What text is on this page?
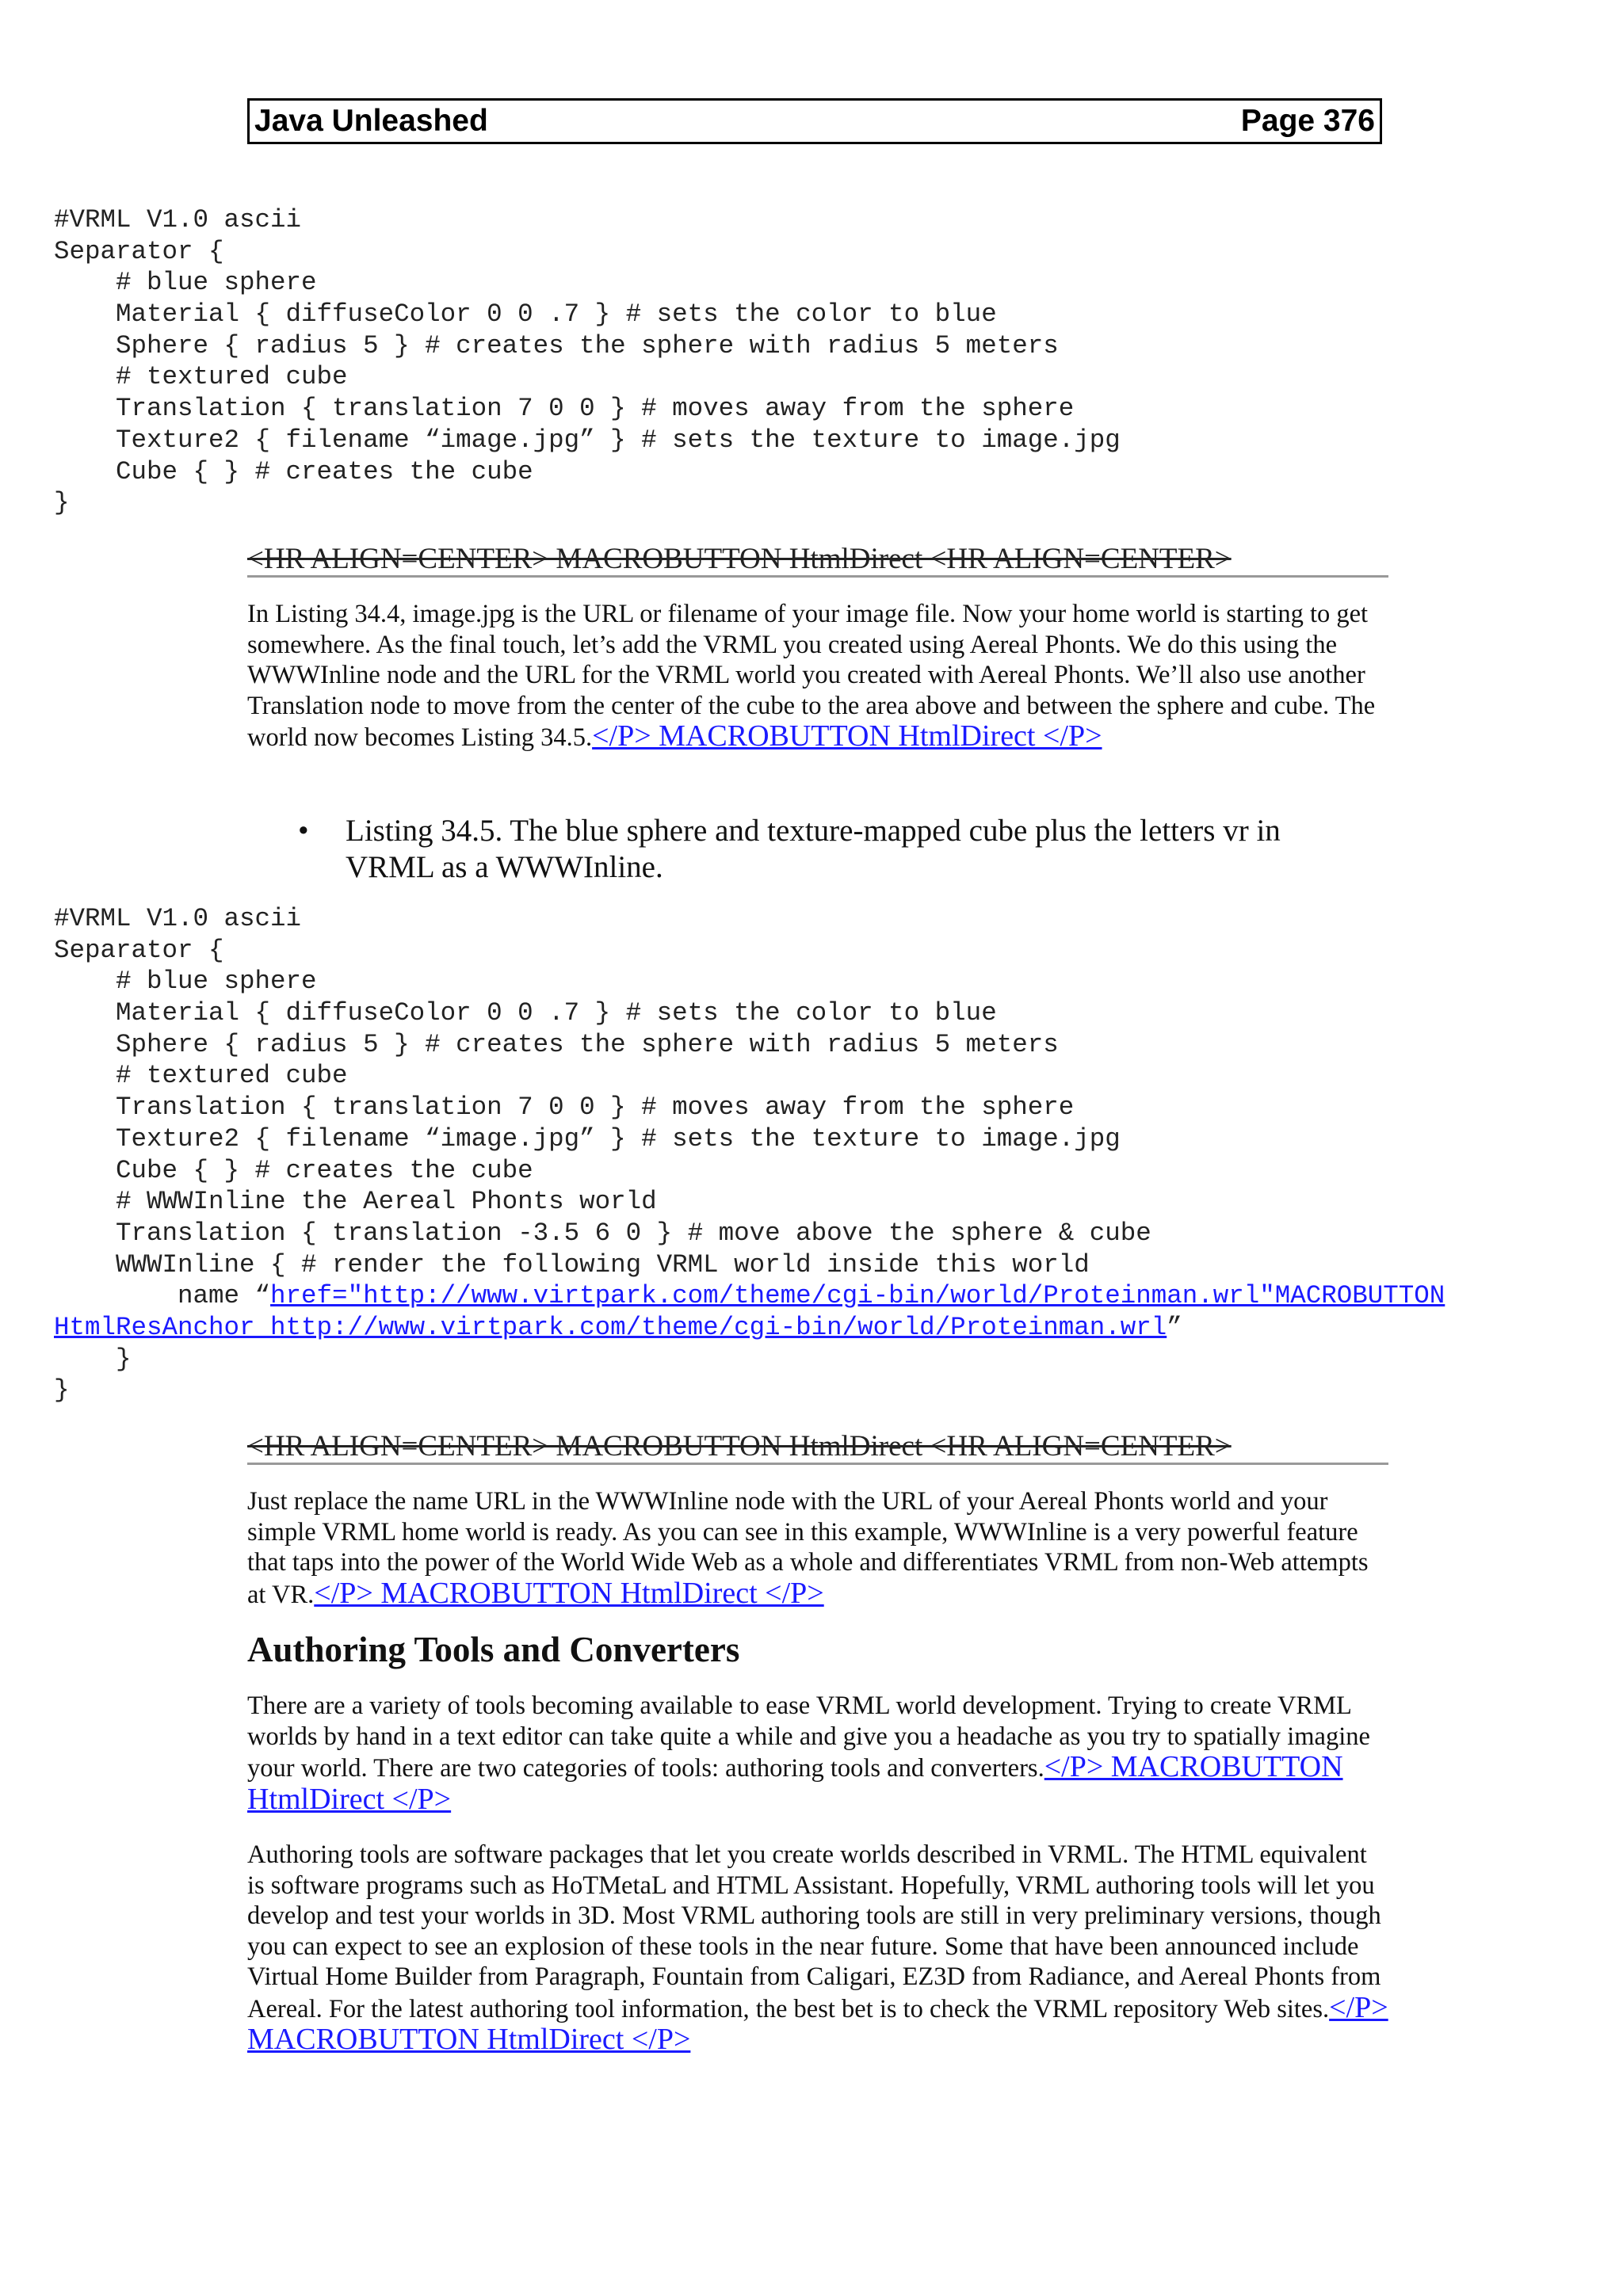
Java Unleashed	Page 376
#VRML V1.0 ascii
Separator {
# blue sphere
Material { diffuseColor 0 0 .7 } # sets the color to blue
Sphere { radius 5 } # creates the sphere with radius 5 meters
# textured cube
Translation { translation 7 0 0 } # moves away from the sphere
Texture2 { filename “image.jpg” } # sets the texture to image.jpg
Cube { } # creates the cube
}
<HR ALIGN=CENTER> MACROBUTTON HtmlDirect <HR ALIGN=CENTER>

In Listing 34.4, image.jpg is the URL or filename of your image file. Now your home world is starting to get somewhere. As the final touch, let’s add the VRML you created using Aereal Phonts. We do this using the WWWInline node and the URL for the VRML world you created with Aereal Phonts. We’ll also use another Translation node to move from the center of the cube to the area above and between the sphere and cube. The world now becomes Listing 34.5.</P> MACROBUTTON HtmlDirect </P>

•	Listing 34.5. The blue sphere and texture-mapped cube plus the letters vr in VRML as a WWWInline.
#VRML V1.0 ascii
Separator {
# blue sphere
Material { diffuseColor 0 0 .7 } # sets the color to blue
Sphere { radius 5 } # creates the sphere with radius 5 meters
# textured cube
Translation { translation 7 0 0 } # moves away from the sphere
Texture2 { filename “image.jpg” } # sets the texture to image.jpg
Cube { } # creates the cube
# WWWInline the Aereal Phonts world
Translation { translation -3.5 6 0 } # move above the sphere & cube
WWWInline { # render the following VRML world inside this world
name “href="http://www.virtpark.com/theme/cgi-bin/world/Proteinman.wrl"MACROBUTTON
HtmlResAnchor http://www.virtpark.com/theme/cgi-bin/world/Proteinman.wrl”
}
}
<HR ALIGN=CENTER> MACROBUTTON HtmlDirect <HR ALIGN=CENTER>

Just replace the name URL in the WWWInline node with the URL of your Aereal Phonts world and your simple VRML home world is ready. As you can see in this example, WWWInline is a very powerful feature that taps into the power of the World Wide Web as a whole and differentiates VRML from non-Web attempts at VR.</P> MACROBUTTON HtmlDirect </P>

Authoring Tools and Converters

There are a variety of tools becoming available to ease VRML world development. Trying to create VRML worlds by hand in a text editor can take quite a while and give you a headache as you try to spatially imagine your world. There are two categories of tools: authoring tools and converters.</P> MACROBUTTON HtmlDirect </P>

Authoring tools are software packages that let you create worlds described in VRML. The HTML equivalent is software programs such as HoTMetaL and HTML Assistant. Hopefully, VRML authoring tools will let you develop and test your worlds in 3D. Most VRML authoring tools are still in very preliminary versions, though you can expect to see an explosion of these tools in the near future. Some that have been announced include Virtual Home Builder from Paragraph, Fountain from Caligari, EZ3D from Radiance, and Aereal Phonts from Aereal. For the latest authoring tool information, the best bet is to check the VRML repository Web sites.</P> MACROBUTTON HtmlDirect </P>
